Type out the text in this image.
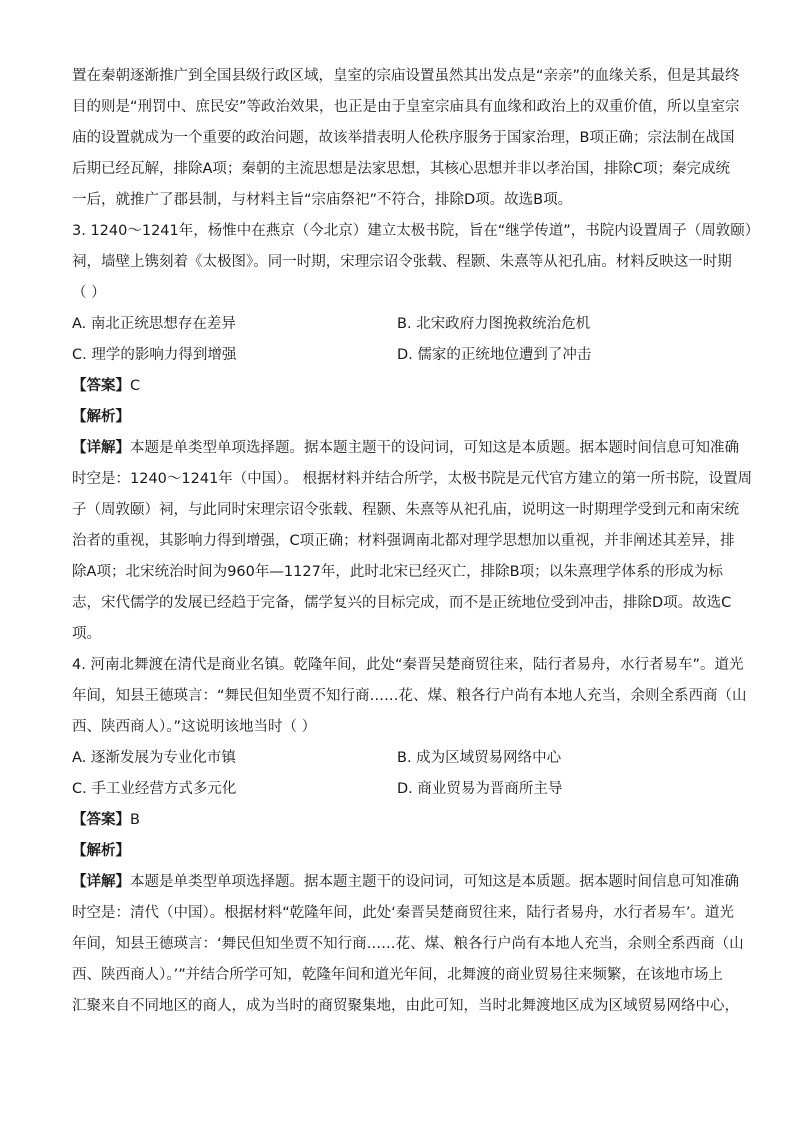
置在秦朝逐渐推广到全国县级行政区域，皇室的宗庙设置虽然其出发点是“亲亲”的血缘关系，但是其最终
目的则是“刑罚中、庶民安”等政治效果，也正是由于皇室宗庙具有血缘和政治上的双重价值，所以皇室宗
庙的设置就成为一个重要的政治问题，故该举措表明人伦秩序服务于国家治理，B项正确；宗法制在战国
后期已经瓦解，排除A项；秦朝的主流思想是法家思想，其核心思想并非以孝治国，排除C项；秦完成统
一后，就推广了郡县制，与材料主旨“宗庙祭祀”不符合，排除D项。故选B项。
3. 1240～1241年，杨惟中在燕京（今北京）建立太极书院，旨在“继学传道”，书院内设置周子（周敦颐）
祠，墙壁上镌刻着《太极图》。同一时期，宋理宗诏令张载、程颢、朱熹等从祀孔庙。材料反映这一时期
（ ）
A. 南北正统思想存在差异	B. 北宋政府力图挽救统治危机
C. 理学的影响力得到增强	D. 儒家的正统地位遭到了冲击
【答案】C
【解析】
【详解】本题是单类型单项选择题。据本题主题干的设问词，可知这是本质题。据本题时间信息可知准确
时空是：1240～1241年（中国）。 根据材料并结合所学，太极书院是元代官方建立的第一所书院，设置周
子（周敦颐）祠，与此同时宋理宗诏令张载、程颢、朱熹等从祀孔庙，说明这一时期理学受到元和南宋统
治者的重视，其影响力得到增强，C项正确；材料强调南北都对理学思想加以重视，并非阐述其差异，排
除A项；北宋统治时间为960年—1127年，此时北宋已经灭亡，排除B项；以朱熹理学体系的形成为标
志，宋代儒学的发展已经趋于完备，儒学复兴的目标完成，而不是正统地位受到冲击，排除D项。故选C
项。
4. 河南北舞渡在清代是商业名镇。乾隆年间，此处“秦晋吴楚商贸往来，陆行者易舟，水行者易车”。道光
年间，知县王德瑛言：“舞民但知坐贾不知行商……花、煤、粮各行户尚有本地人充当，余则全系西商（山
西、陕西商人）。”这说明该地当时（ ）
A. 逐渐发展为专业化市镇	B. 成为区域贸易网络中心
C. 手工业经营方式多元化	D. 商业贸易为晋商所主导
【答案】B
【解析】
【详解】本题是单类型单项选择题。据本题主题干的设问词，可知这是本质题。据本题时间信息可知准确
时空是：清代（中国）。根据材料“乾隆年间，此处‘秦晋吴楚商贸往来，陆行者易舟，水行者易车’。道光
年间，知县王德瑛言：‘舞民但知坐贾不知行商……花、煤、粮各行户尚有本地人充当，余则全系西商（山
西、陕西商人）。’”并结合所学可知，乾隆年间和道光年间，北舞渡的商业贸易往来频繁，在该地市场上
汇聚来自不同地区的商人，成为当时的商贸聚集地，由此可知，当时北舞渡地区成为区域贸易网络中心，
